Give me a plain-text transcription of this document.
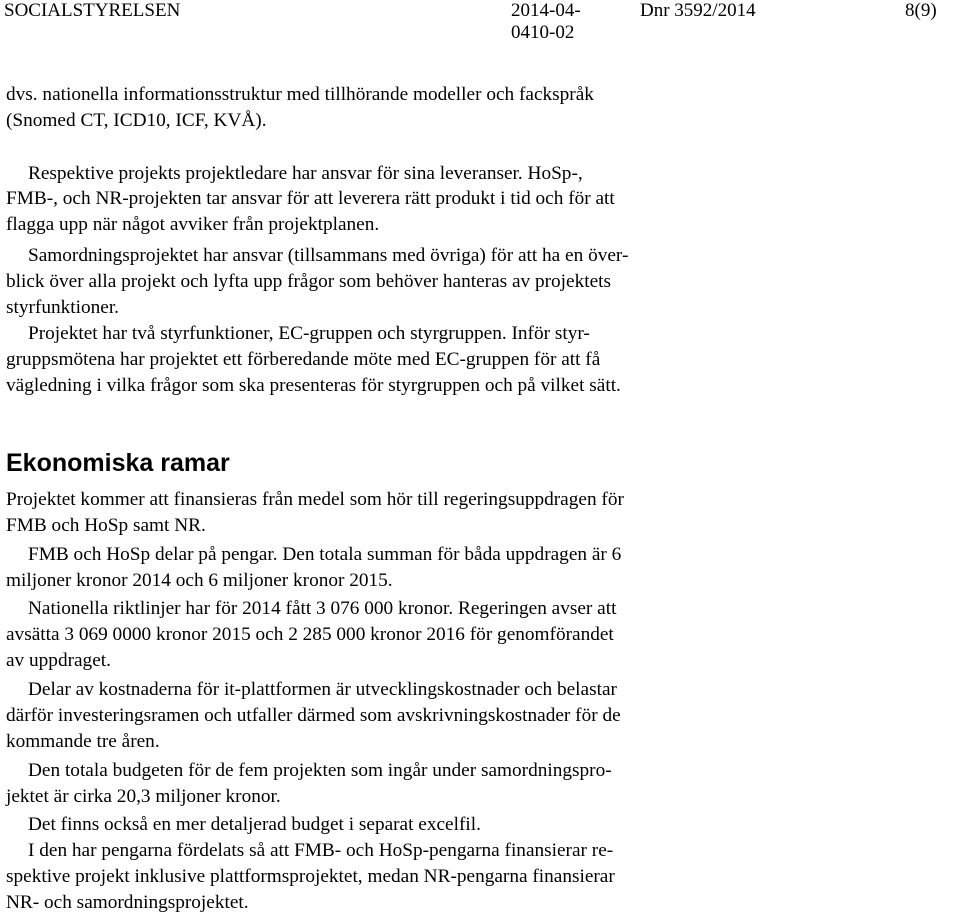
SOCIALSTYRELSEN	2014-04-0410-02
Dnr 3592/2014	8(9)
dvs. nationella informationsstruktur med tillhörande modeller och fackspråk
(Snomed CT, ICD10, ICF, KVÅ).
Respektive projekts projektledare har ansvar för sina leveranser. HoSp-,
FMB-, och NR-projekten tar ansvar för att leverera rätt produkt i tid och för att
flagga upp när något avviker från projektplanen.
Samordningsprojektet har ansvar (tillsammans med övriga) för att ha en över-
blick över alla projekt och lyfta upp frågor som behöver hanteras av projektets
styrfunktioner.
Projektet har två styrfunktioner, EC-gruppen och styrgruppen. Inför styr-
gruppsmötena har projektet ett förberedande möte med EC-gruppen för att få
vägledning i vilka frågor som ska presenteras för styrgruppen och på vilket sätt.
Ekonomiska ramar
Projektet kommer att finansieras från medel som hör till regeringsuppdragen för
FMB och HoSp samt NR.
FMB och HoSp delar på pengar. Den totala summan för båda uppdragen är 6
miljoner kronor 2014 och 6 miljoner kronor 2015.
Nationella riktlinjer har för 2014 fått 3 076 000 kronor. Regeringen avser att
avsätta 3 069 0000 kronor 2015 och 2 285 000 kronor 2016 för genomförandet
av uppdraget.
Delar av kostnaderna för it-plattformen är utvecklingskostnader och belastar
därför investeringsramen och utfaller därmed som avskrivningskostnader för de
kommande tre åren.
Den totala budgeten för de fem projekten som ingår under samordningspro-
jektet är cirka 20,3 miljoner kronor.
Det finns också en mer detaljerad budget i separat excelfil.
I den har pengarna fördelats så att FMB- och HoSp-pengarna finansierar re-
spektive projekt inklusive plattformsprojektet, medan NR-pengarna finansierar
NR- och samordningsprojektet.
